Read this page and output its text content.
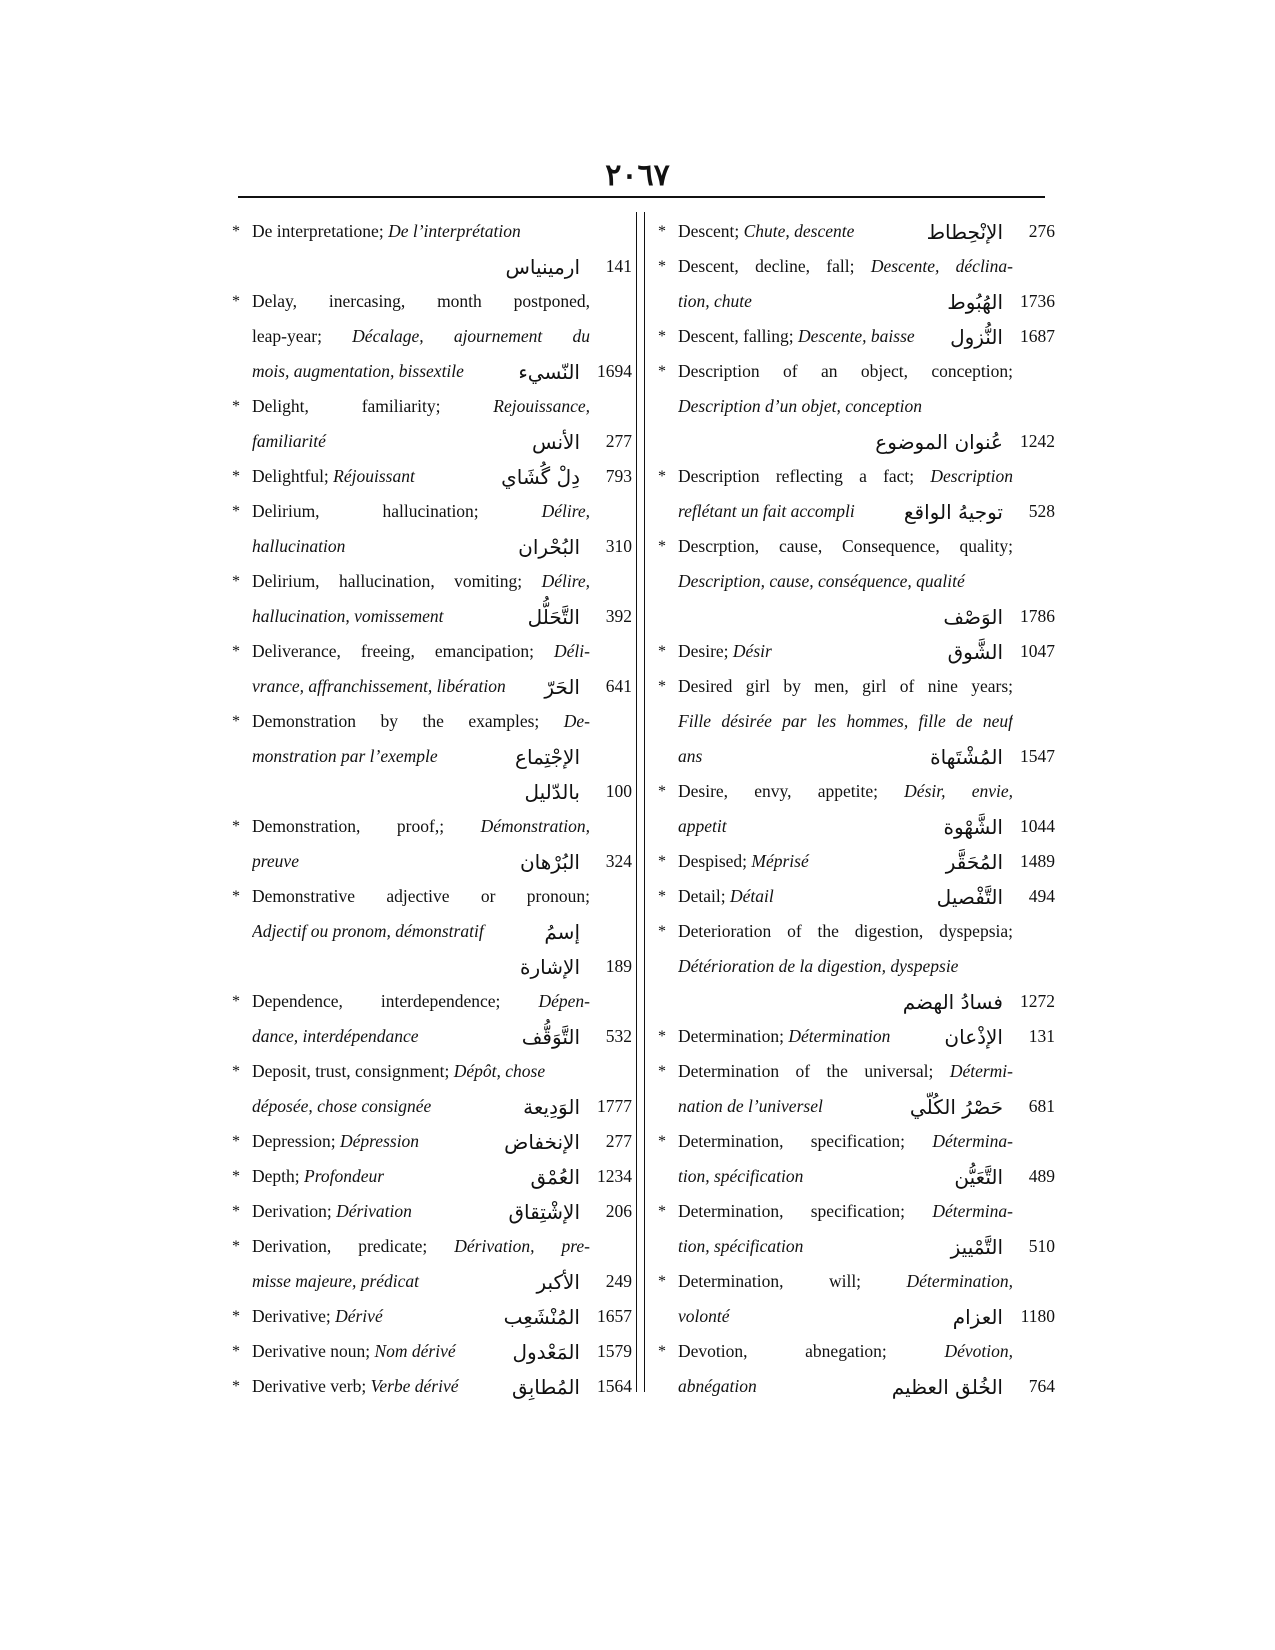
٢٠٦٧
* De interpretatione; De l’interprétation
ارمينياس	141
* Delay, inercasing, month postponed,
leap-year; Décalage, ajournement du
mois, augmentation, bissextile	النّسيء 1694
* Delight, familiarity; Rejouissance,
familiarité	الأنس	277
* Delightful; Réjouissant	دِلْ گُشَاي	793
* Delirium, hallucination; Délire,
hallucination	البُحْران	310
* Delirium, hallucination, vomiting; Délire,
hallucination, vomissement	التَّحَلُّل	392
* Deliverance, freeing, emancipation; Déli-
vrance, affranchissement, libération	الحَرّ	641
* Demonstration by the examples; De-
monstration par l’exemple	الإجْتِماع
بالدّليل	100
* Demonstration, proof,; Démonstration,
preuve	البُرْهان	324
* Demonstrative adjective or pronoun;
Adjectif ou pronom, démonstratif	إسمُ
الإشارة	189
* Dependence, interdependence; Dépen-
dance, interdépendance	التَّوَقُّف	532
* Deposit, trust, consignment; Dépôt, chose
déposée, chose consignée	الوَدِيعة 1777
* Depression; Dépression	الإنخفاض	277
* Depth; Profondeur	العُمْق 1234
* Derivation; Dérivation	الإشْتِقاق	206
* Derivation, predicate; Dérivation, pre-
misse majeure, prédicat	الأكبر	249
* Derivative; Dérivé	المُنْشَعِب 1657
* Derivative noun; Nom dérivé	المَعْدول 1579
* Derivative verb; Verbe dérivé	المُطابِق 1564
* Descent; Chute, descente	الإنْحِطاط	276
* Descent, decline, fall; Descente, déclina-
tion, chute	الهُبُوط 1736
* Descent, falling; Descente, baisse	النُّزول 1687
* Description of an object, conception;
Description d’un objet, conception
عُنوان الموضوع 1242
* Description reflecting a fact; Description
reflétant un fait accompli	توجيهُ الواقع	528
* Descrption, cause, Consequence, quality;
Description, cause, conséquence, qualité
الوَصْف 1786
* Desire; Désir	الشَّوق 1047
* Desired girl by men, girl of nine years;
Fille désirée par les hommes, fille de neuf
ans	المُشْتَهاة 1547
* Desire, envy, appetite; Désir, envie,
appetit	الشَّهْوة 1044
* Despised; Méprisé	المُحَقَّر 1489
* Detail; Détail	التَّفْصيل	494
* Deterioration of the digestion, dyspepsia;
Détérioration de la digestion, dyspepsie
فسادُ الهضم 1272
* Determination; Détermination	الإذْعان	131
* Determination of the universal; Détermi-
nation de l’universel	حَصْرُ الكُلّي	681
* Determination, specification; Détermina-
tion, spécification	التَّعَيُّن	489
* Determination, specification; Détermina-
tion, spécification	التَّمْييز	510
* Determination, will; Détermination,
volonté	العزام	1180
* Devotion, abnegation; Dévotion,
abnégation	الخُلق العظيم	764
